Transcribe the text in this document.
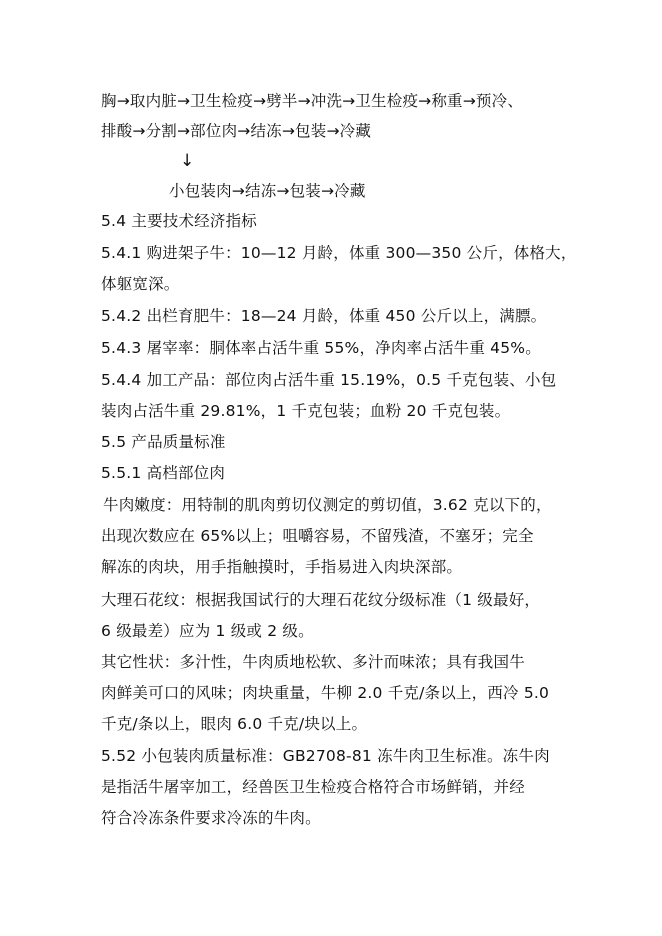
胸→取内脏→卫生检疫→劈半→冲洗→卫生检疫→称重→预冷、
排酸→分割→部位肉→结冻→包装→冷藏
↓
小包装肉→结冻→包装→冷藏
5.4 主要技术经济指标
5.4.1 购进架子牛：10—12 月龄，体重 300—350 公斤，体格大，
体躯宽深。
5.4.2 出栏育肥牛：18—24 月龄，体重 450 公斤以上，满膘。
5.4.3 屠宰率：胴体率占活牛重 55%，净肉率占活牛重 45%。
5.4.4 加工产品：部位肉占活牛重 15.19%，0.5 千克包装、小包
装肉占活牛重 29.81%，1 千克包装；血粉 20 千克包装。
5.5 产品质量标准
5.5.1 高档部位肉
牛肉嫩度：用特制的肌肉剪切仪测定的剪切值，3.62 克以下的，
出现次数应在 65%以上；咀嚼容易，不留残渣，不塞牙；完全
解冻的肉块，用手指触摸时，手指易进入肉块深部。
大理石花纹：根据我国试行的大理石花纹分级标准（1 级最好，
6 级最差）应为 1 级或 2 级。
其它性状：多汁性，牛肉质地松软、多汁而味浓；具有我国牛
肉鲜美可口的风味；肉块重量，牛柳 2.0 千克/条以上，西冷 5.0
千克/条以上，眼肉 6.0 千克/块以上。
5.52 小包装肉质量标准：GB2708-81 冻牛肉卫生标准。冻牛肉
是指活牛屠宰加工，经兽医卫生检疫合格符合市场鲜销，并经
符合冷冻条件要求冷冻的牛肉。
